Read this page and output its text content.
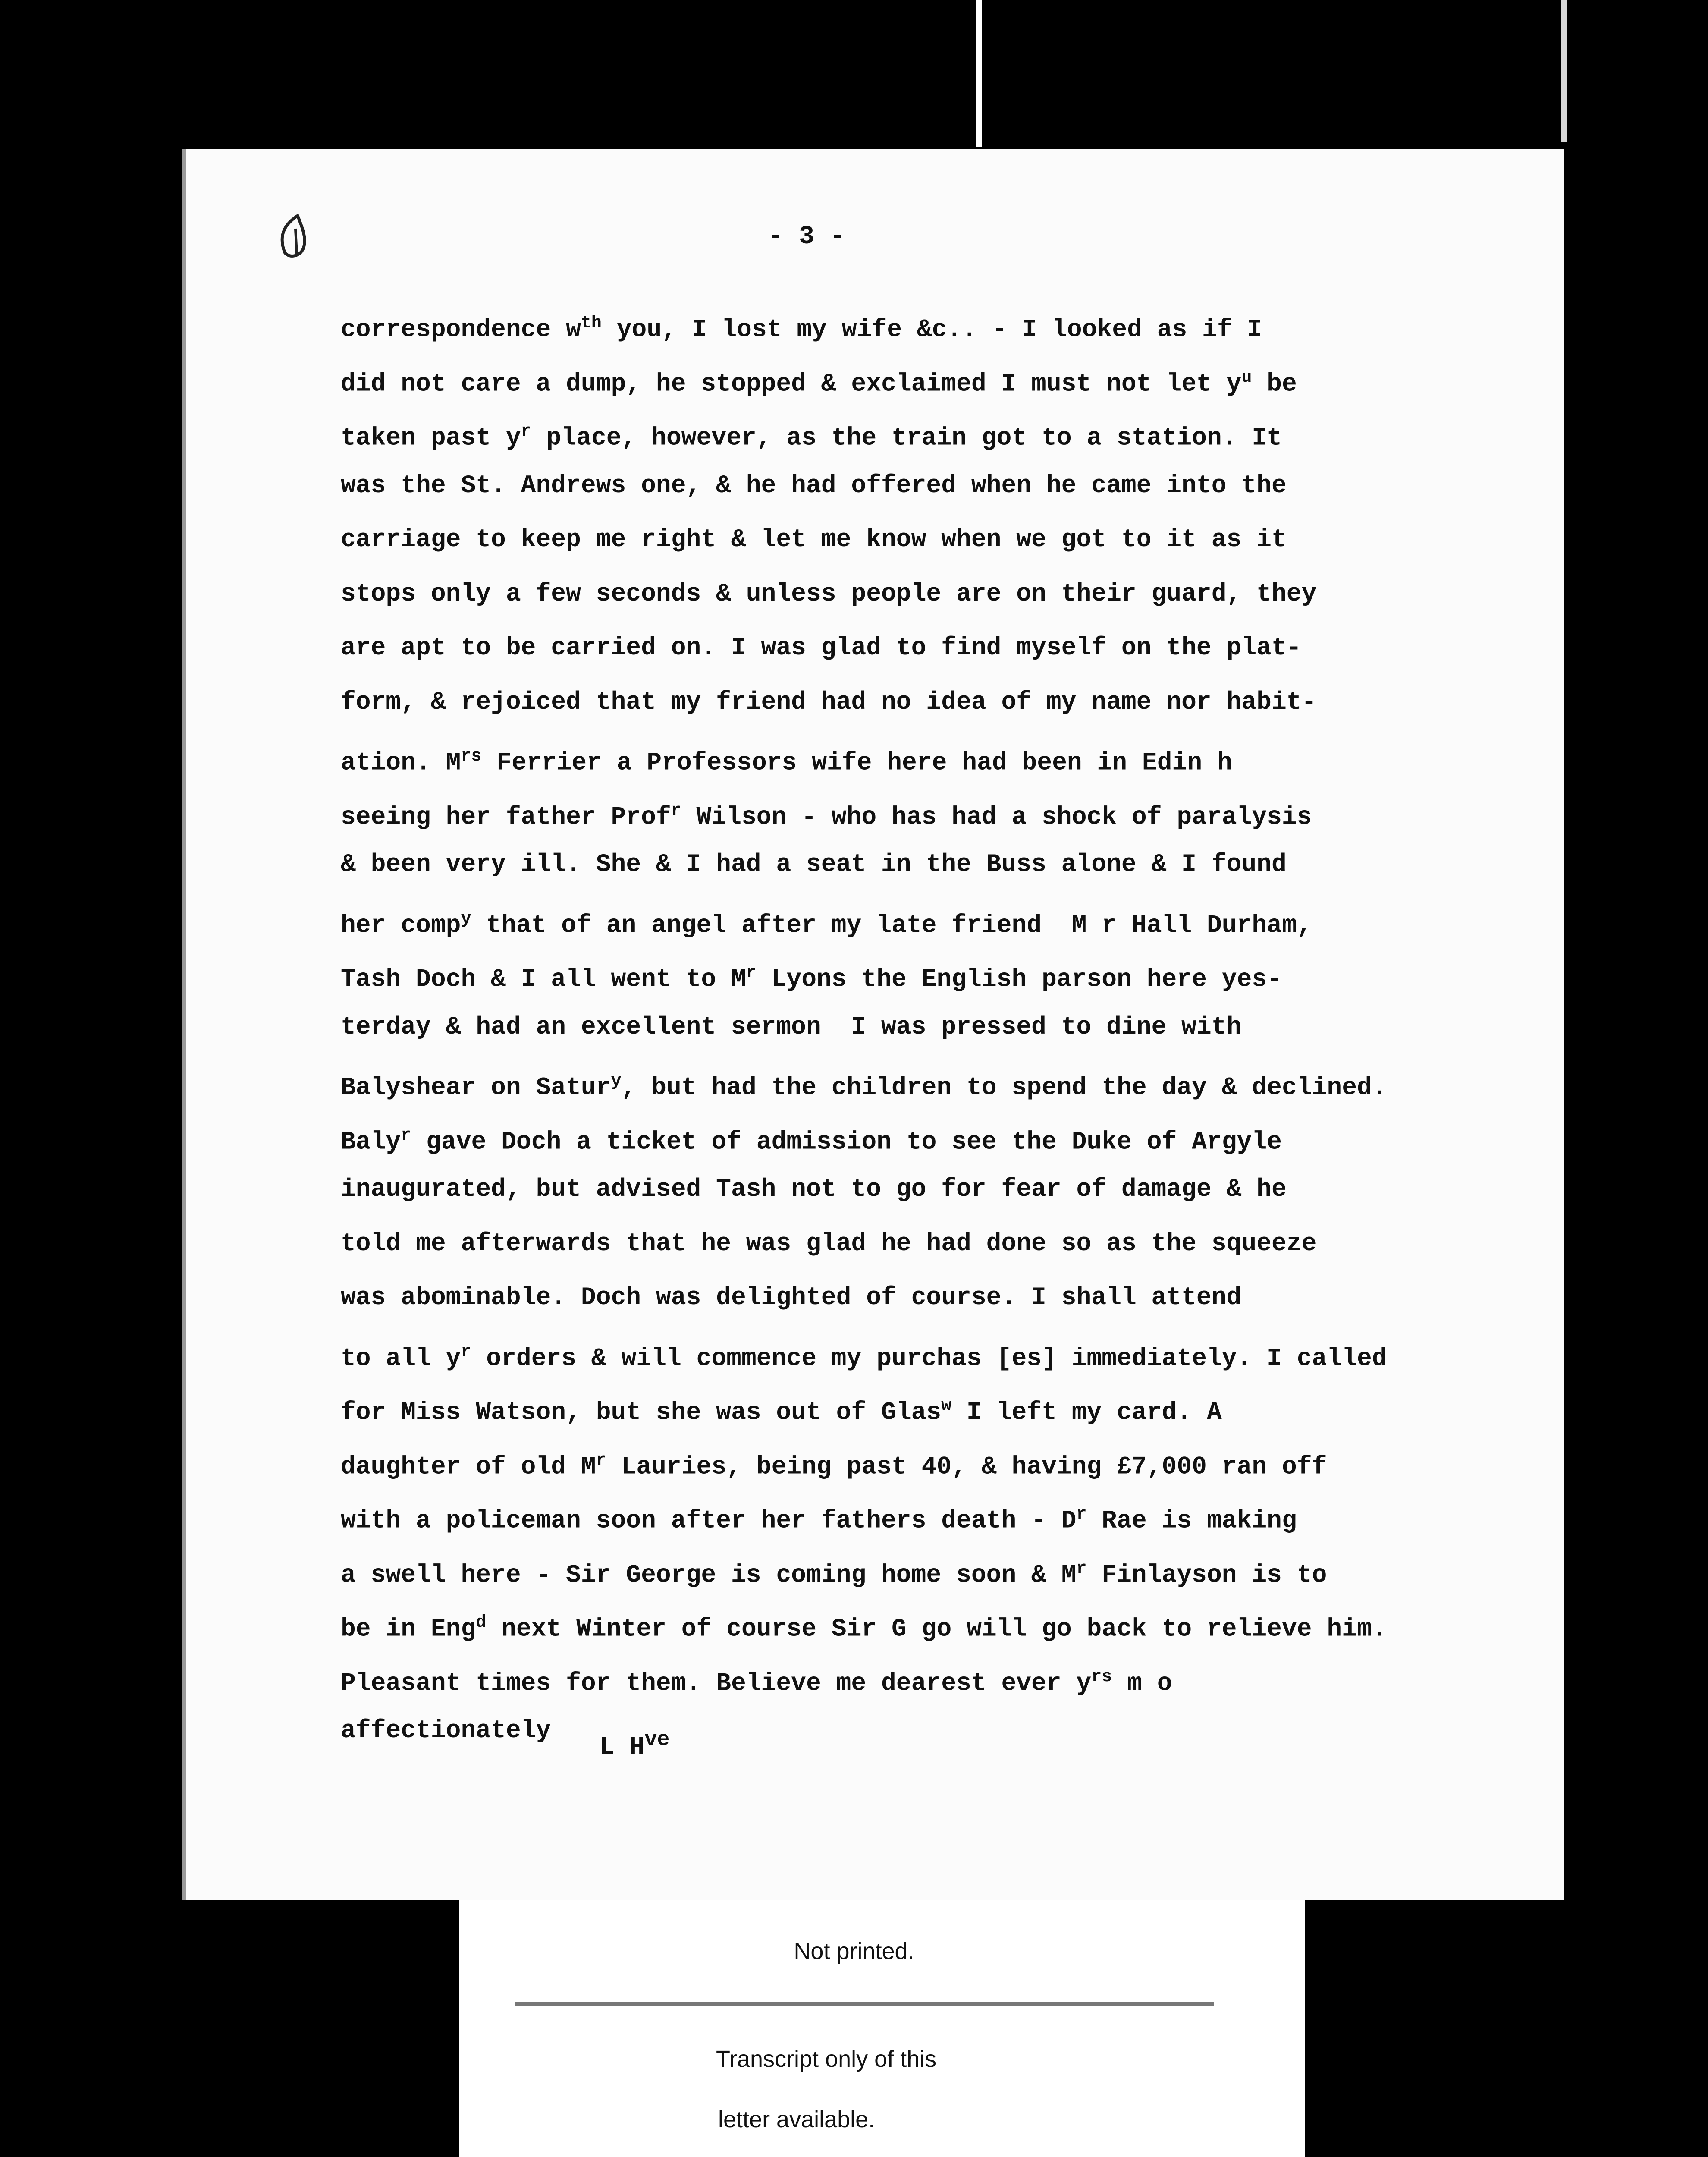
- 3 -
correspondence $w^{th}$ you, I lost my wife &c.. - I looked as if I
did not care a dump, he stopped & exclaimed I must not let $y^u$ be
taken past $y^r$ place, however, as the train got to a station. It
was the St. Andrews one, & he had offered when he came into the
carriage to keep me right & let me know when we got to it as it
stops only a few seconds & unless people are on their guard, they
are apt to be carried on. I was glad to find myself on the plat-
form, & rejoiced that my friend had no idea of my name nor habit-
ation. $M^{rs}$ Ferrier a Professors wife here had been in Edin h
seeing her father Prof$^r$ Wilson - who has had a shock of paralysis
& been very ill. She & I had a seat in the Buss alone & I found
her comp$^y$ that of an angel after my late friend  M r Hall Durham,
Tash Doch & I all went to $M^r$ Lyons the English parson here yes-
terday & had an excellent sermon  I was pressed to dine with
Balyshear on Satur$^y$, but had the children to spend the day & declined.
Baly$^r$ gave Doch a ticket of admission to see the Duke of Argyle
inaugurated, but advised Tash not to go for fear of damage & he
told me afterwards that he was glad he had done so as the squeeze
was abominable. Doch was delighted of course. I shall attend
to all $y^r$ orders & will commence my purchas [es] immediately. I called
for Miss Watson, but she was out of Glas$^w$ I left my card. A
daughter of old $M^r$ Lauries, being past 40, & having £7,000 ran off
with a policeman soon after her fathers death - $D^r$ Rae is making
a swell here - Sir George is coming home soon & $M^r$ Finlayson is to
be in Eng$^d$ next Winter of course Sir G go will go back to relieve him.
Pleasant times for them. Believe me dearest ever $y^{rs}$ m o
affectionately
L $H^{ve}$
Not printed.
Transcript only of this
letter available.
